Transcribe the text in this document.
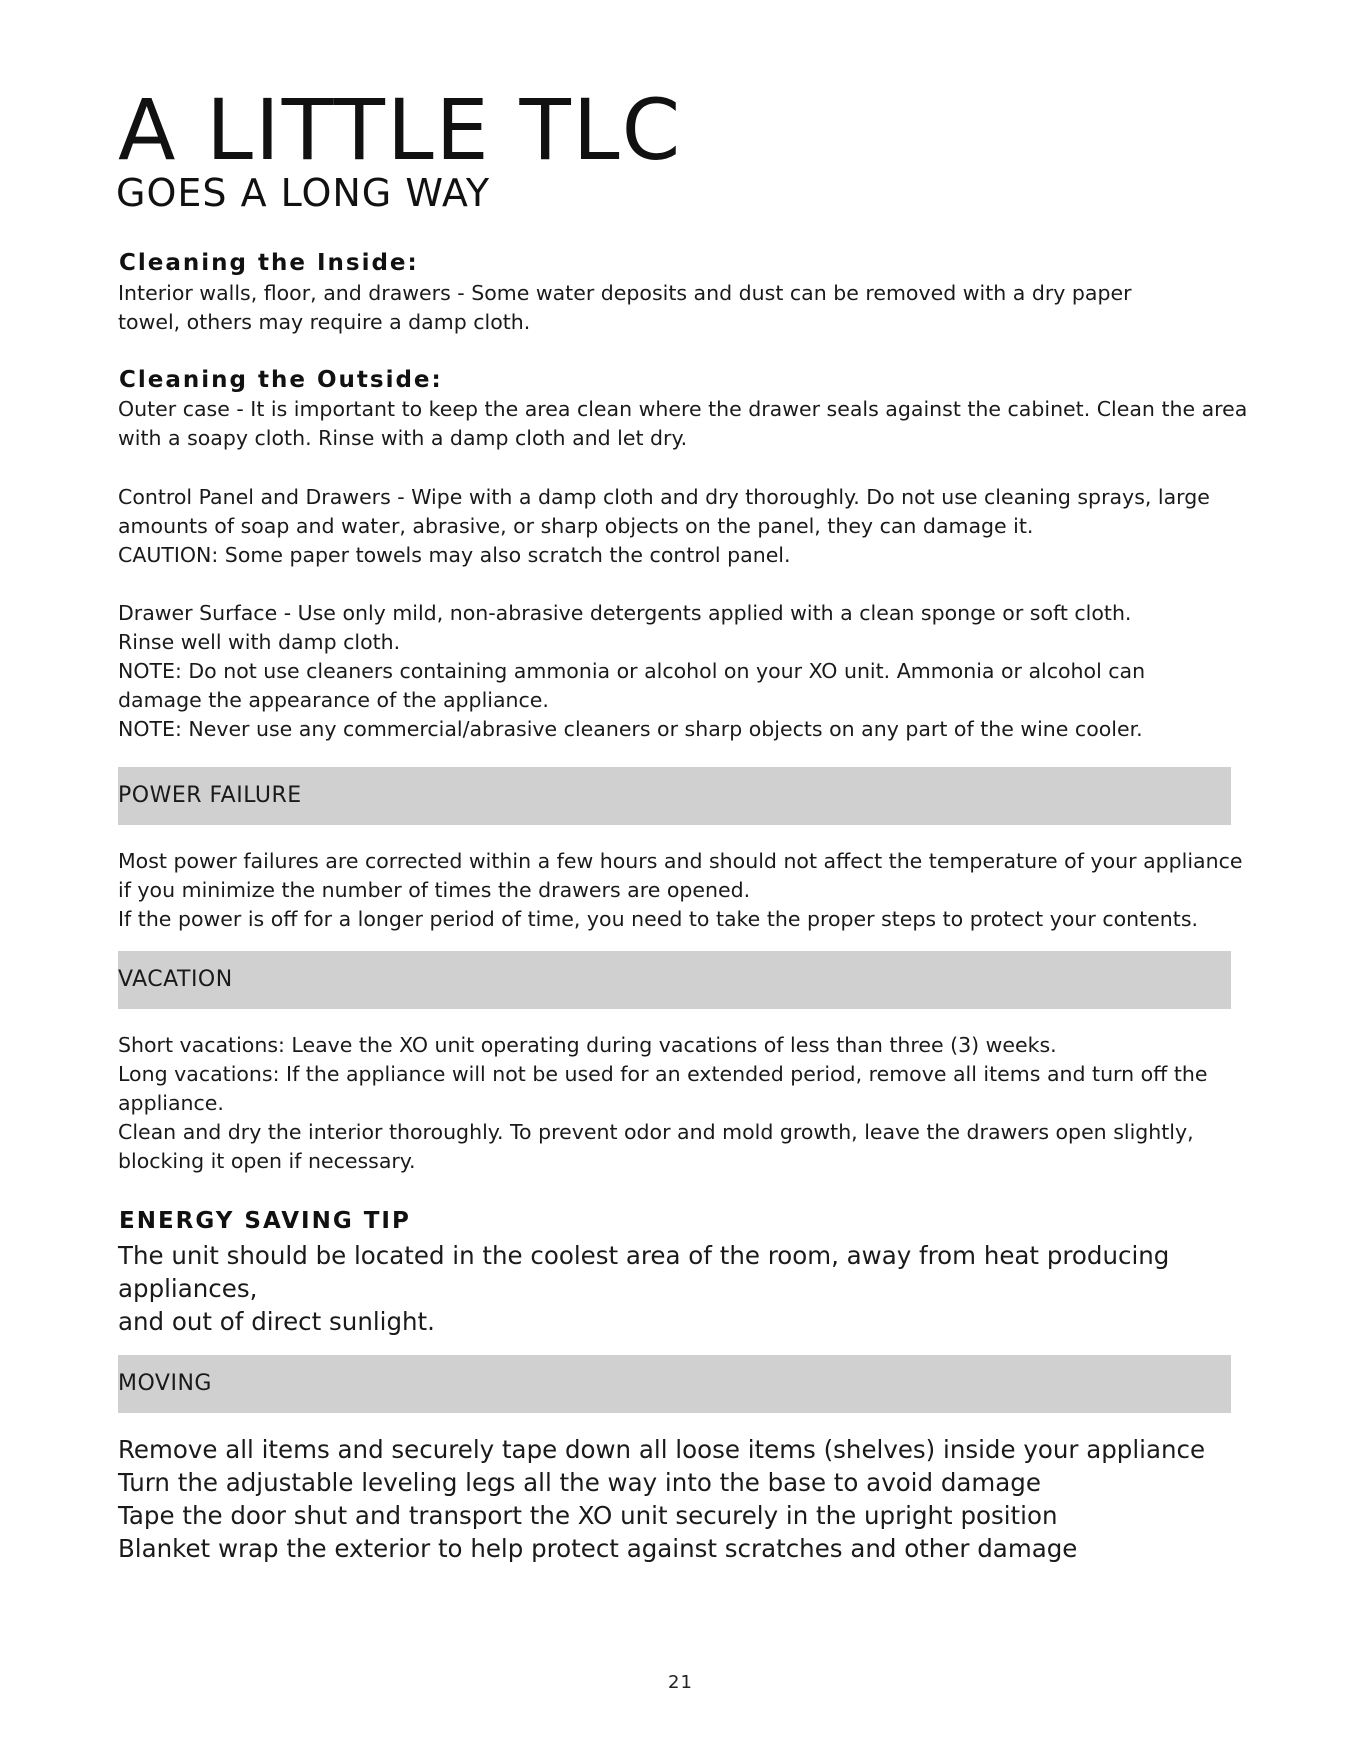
A LITTLE TLC
GOES A LONG WAY
Cleaning the Inside:
Interior walls, floor, and drawers - Some water deposits and dust can be removed with a dry paper
towel, others may require a damp cloth.
Cleaning the Outside:
Outer case - It is important to keep the area clean where the drawer seals against the cabinet. Clean the area
with a soapy cloth. Rinse with a damp cloth and let dry.
Control Panel and Drawers - Wipe with a damp cloth and dry thoroughly. Do not use cleaning sprays, large
amounts of soap and water, abrasive, or sharp objects on the panel, they can damage it.
CAUTION: Some paper towels may also scratch the control panel.
Drawer Surface - Use only mild, non-abrasive detergents applied with a clean sponge or soft cloth.
Rinse well with damp cloth.
NOTE: Do not use cleaners containing ammonia or alcohol on your XO unit. Ammonia or alcohol can
damage the appearance of the appliance.
NOTE: Never use any commercial/abrasive cleaners or sharp objects on any part of the wine cooler.
POWER FAILURE
Most power failures are corrected within a few hours and should not affect the temperature of your appliance
if you minimize the number of times the drawers are opened.
If the power is off for a longer period of time, you need to take the proper steps to protect your contents.
VACATION
Short vacations: Leave the XO unit operating during vacations of less than three (3) weeks.
Long vacations: If the appliance will not be used for an extended period, remove all items and turn off the
appliance.
Clean and dry the interior thoroughly. To prevent odor and mold growth, leave the drawers open slightly,
blocking it open if necessary.
ENERGY SAVING TIP
The unit should be located in the coolest area of the room, away from heat producing appliances,
and out of direct sunlight.
MOVING
Remove all items and securely tape down all loose items (shelves) inside your appliance
Turn the adjustable leveling legs all the way into the base to avoid damage
Tape the door shut and transport the XO unit securely in the upright position
Blanket wrap the exterior to help protect against scratches and other damage
21
